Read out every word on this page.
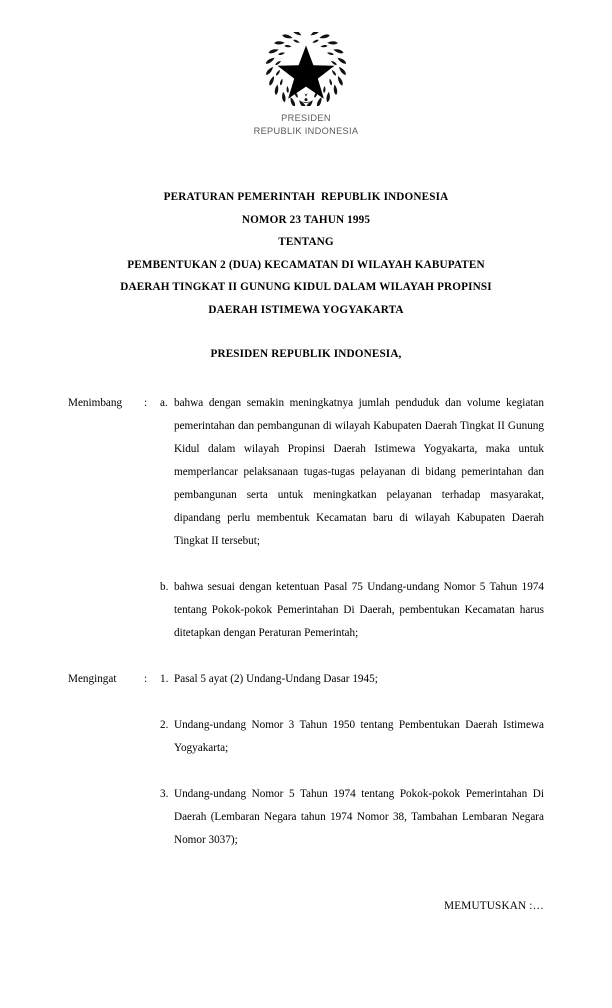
PRESIDEN
REPUBLIK INDONESIA
PERATURAN PEMERINTAH  REPUBLIK INDONESIA
NOMOR 23 TAHUN 1995
TENTANG
PEMBENTUKAN 2 (DUA) KECAMATAN DI WILAYAH KABUPATEN
DAERAH TINGKAT II GUNUNG KIDUL DALAM WILAYAH PROPINSI
DAERAH ISTIMEWA YOGYAKARTA
PRESIDEN REPUBLIK INDONESIA,
Menimbang	:	a. bahwa dengan semakin meningkatnya jumlah penduduk dan volume kegiatan pemerintahan dan pembangunan di wilayah Kabupaten Daerah Tingkat II Gunung Kidul dalam wilayah Propinsi Daerah Istimewa Yogyakarta, maka untuk memperlancar pelaksanaan tugas-tugas pelayanan di bidang pemerintahan dan pembangunan serta untuk meningkatkan pelayanan terhadap masyarakat, dipandang perlu membentuk Kecamatan baru di wilayah Kabupaten Daerah Tingkat II tersebut;
b. bahwa sesuai dengan ketentuan Pasal 75 Undang-undang Nomor 5 Tahun 1974 tentang Pokok-pokok Pemerintahan Di Daerah, pembentukan Kecamatan harus ditetapkan dengan Peraturan Pemerintah;
Mengingat	:	1. Pasal 5 ayat (2) Undang-Undang Dasar 1945;
2. Undang-undang Nomor 3 Tahun 1950 tentang Pembentukan Daerah Istimewa Yogyakarta;
3. Undang-undang Nomor 5 Tahun 1974 tentang Pokok-pokok Pemerintahan Di Daerah (Lembaran Negara tahun 1974 Nomor 38, Tambahan Lembaran Negara Nomor 3037);
MEMUTUSKAN :…
